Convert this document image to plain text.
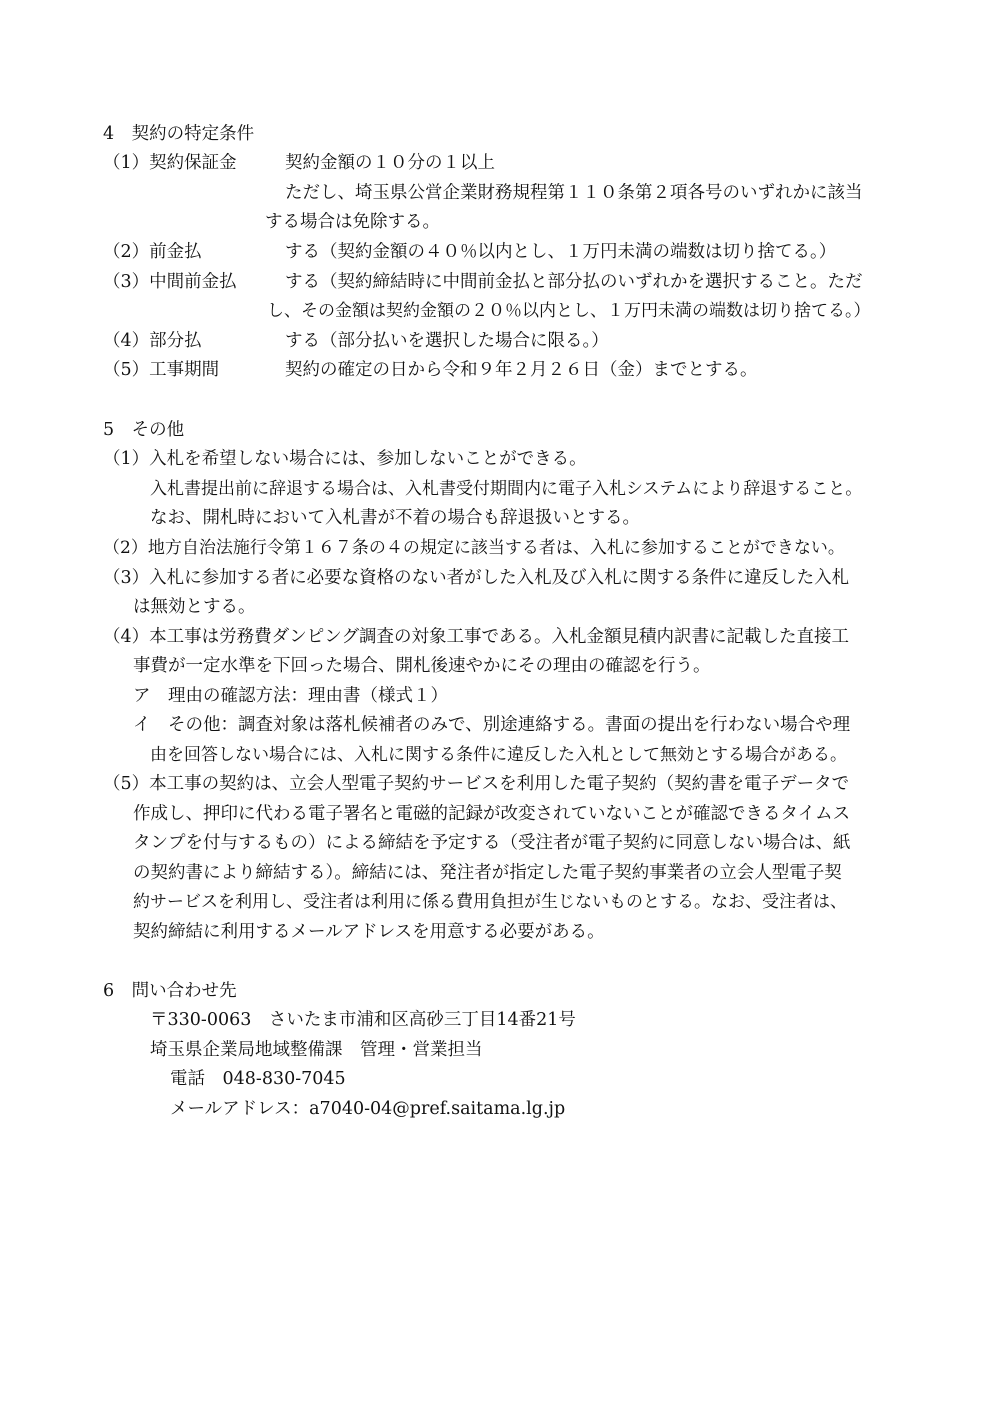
4　契約の特定条件
（1）契約保証金	契約金額の１０分の１以上
ただし、埼玉県公営企業財務規程第１１０条第２項各号のいずれかに該当
する場合は免除する。
（2）前金払	する（契約金額の４０％以内とし、１万円未満の端数は切り捨てる。）
（3）中間前金払	する（契約締結時に中間前金払と部分払のいずれかを選択すること。ただ
し、その金額は契約金額の２０％以内とし、１万円未満の端数は切り捨てる。）
（4）部分払	する（部分払いを選択した場合に限る。）
（5）工事期間	契約の確定の日から令和９年２月２６日（金）までとする。
5　その他
（1）入札を希望しない場合には、参加しないことができる。
入札書提出前に辞退する場合は、入札書受付期間内に電子入札システムにより辞退すること。
なお、開札時において入札書が不着の場合も辞退扱いとする。
（2）地方自治法施行令第１６７条の４の規定に該当する者は、入札に参加することができない。
（3）入札に参加する者に必要な資格のない者がした入札及び入札に関する条件に違反した入札
は無効とする。
（4）本工事は労務費ダンピング調査の対象工事である。入札金額見積内訳書に記載した直接工
事費が一定水準を下回った場合、開札後速やかにその理由の確認を行う。
ア　理由の確認方法：理由書（様式１）
イ　その他：調査対象は落札候補者のみで、別途連絡する。書面の提出を行わない場合や理
由を回答しない場合には、入札に関する条件に違反した入札として無効とする場合がある。
（5）本工事の契約は、立会人型電子契約サービスを利用した電子契約（契約書を電子データで
作成し、押印に代わる電子署名と電磁的記録が改変されていないことが確認できるタイムス
タンプを付与するもの）による締結を予定する（受注者が電子契約に同意しない場合は、紙
の契約書により締結する）。締結には、発注者が指定した電子契約事業者の立会人型電子契
約サービスを利用し、受注者は利用に係る費用負担が生じないものとする。なお、受注者は、
契約締結に利用するメールアドレスを用意する必要がある。
6　問い合わせ先
〒330-0063　さいたま市浦和区高砂三丁目14番21号
埼玉県企業局地域整備課　管理・営業担当
電話　048-830-7045
メールアドレス：a7040-04@pref.saitama.lg.jp
